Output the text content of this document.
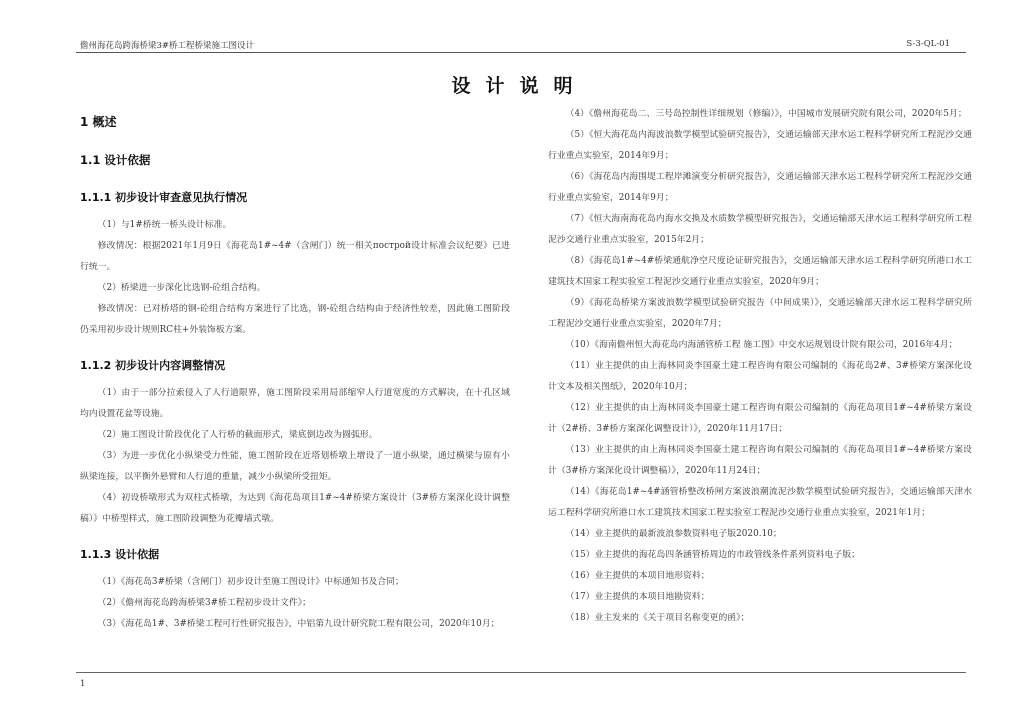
儋州海花岛跨海桥梁3#桥工程桥梁施工图设计	S-3-QL-01
设计说明
1 概述
1.1 设计依据
1.1.1 初步设计审查意见执行情况

（1）与1#桥统一桥头设计标准。

修改情况：根据2021年1月9日《海花岛1#~4#（含闸门）统一相关построй设计标准会议纪要》已进行统一。

（2）桥梁进一步深化比选钢-砼组合结构。

修改情况：已对桥塔的钢-砼组合结构方案进行了比选，钢-砼组合结构由于经济性较差，因此施工图阶段仍采用初步设计规则RC柱+外装饰板方案。

1.1.2 初步设计内容调整情况

（1）由于一部分拉索侵入了人行道限界，施工图阶段采用局部缩窄人行道宽度的方式解决，在十孔区域均内设置花盆等设施。

（2）施工图设计阶段优化了人行桥的截面形式，梁底倒边改为圆弧形。

（3）为进一步优化小纵梁受力性能，施工图阶段在近塔划桥墩上增设了一道小纵梁，通过横梁与原有小纵梁连接，以平衡外悬臂和人行道的重量，减少小纵梁所受扭矩。

（4）初设桥墩形式为双柱式桥墩，为达到《海花岛项目1#~4#桥梁方案设计（3#桥方案深化设计调整稿）》中桥型样式，施工图阶段调整为花瓣墙式墩。

1.1.3 设计依据

（1）《海花岛3#桥梁（含闸门）初步设计至施工图设计》中标通知书及合同；

（2）《儋州海花岛跨海桥梁3#桥工程初步设计文件》；

（3）《海花岛1#、3#桥梁工程可行性研究报告》，中铝第九设计研究院工程有限公司，2020年10月；

（4）《儋州海花岛二、三号岛控制性详细规划（修编）》，中国城市发展研究院有限公司，2020年5月；

（5）《恒大海花岛内海波浪数学模型试验研究报告》，交通运输部天津水运工程科学研究所工程泥沙交通行业重点实验室，2014年9月；

（6）《海花岛内海围堤工程岸滩演变分析研究报告》，交通运输部天津水运工程科学研究所工程泥沙交通行业重点实验室，2014年9月；

（7）《恒大海南海花岛内海水交换及水质数学模型研究报告》，交通运输部天津水运工程科学研究所工程泥沙交通行业重点实验室，2015年2月；

（8）《海花岛1#~4#桥梁通航净空尺度论证研究报告》，交通运输部天津水运工程科学研究所港口水工建筑技术国家工程实验室工程泥沙交通行业重点实验室，2020年9月；

（9）《海花岛桥梁方案波浪数学模型试验研究报告（中间成果）》，交通运输部天津水运工程科学研究所工程泥沙交通行业重点实验室，2020年7月；

（10）《海南儋州恒大海花岛内海涵管桥工程 施工图》中交水运规划设计院有限公司，2016年4月；

（11）业主提供的由上海林同炎李国豪土建工程咨询有限公司编制的《海花岛2#、3#桥梁方案深化设计文本及相关图纸》，2020年10月；

（12）业主提供的由上海林同炎李国豪土建工程咨询有限公司编制的《海花岛项目1#~4#桥梁方案设计（2#桥、3#桥方案深化调整设计）》，2020年11月17日；

（13）业主提供的由上海林同炎李国豪土建工程咨询有限公司编制的《海花岛项目1#~4#桥梁方案设计（3#桥方案深化设计调整稿）》，2020年11月24日；

（14）《海花岛1#~4#涵管桥整改桥闸方案波浪潮流泥沙数学模型试验研究报告》，交通运输部天津水运工程科学研究所港口水工建筑技术国家工程实验室工程泥沙交通行业重点实验室，2021年1月；

（14）业主提供的最新波浪参数资料电子版2020.10；

（15）业主提供的海花岛四条涵管桥周边的市政管线条件系列资料电子版；

（16）业主提供的本项目地形资料；

（17）业主提供的本项目地勘资料；

（18）业主发来的《关于项目名称变更的函》；

1
